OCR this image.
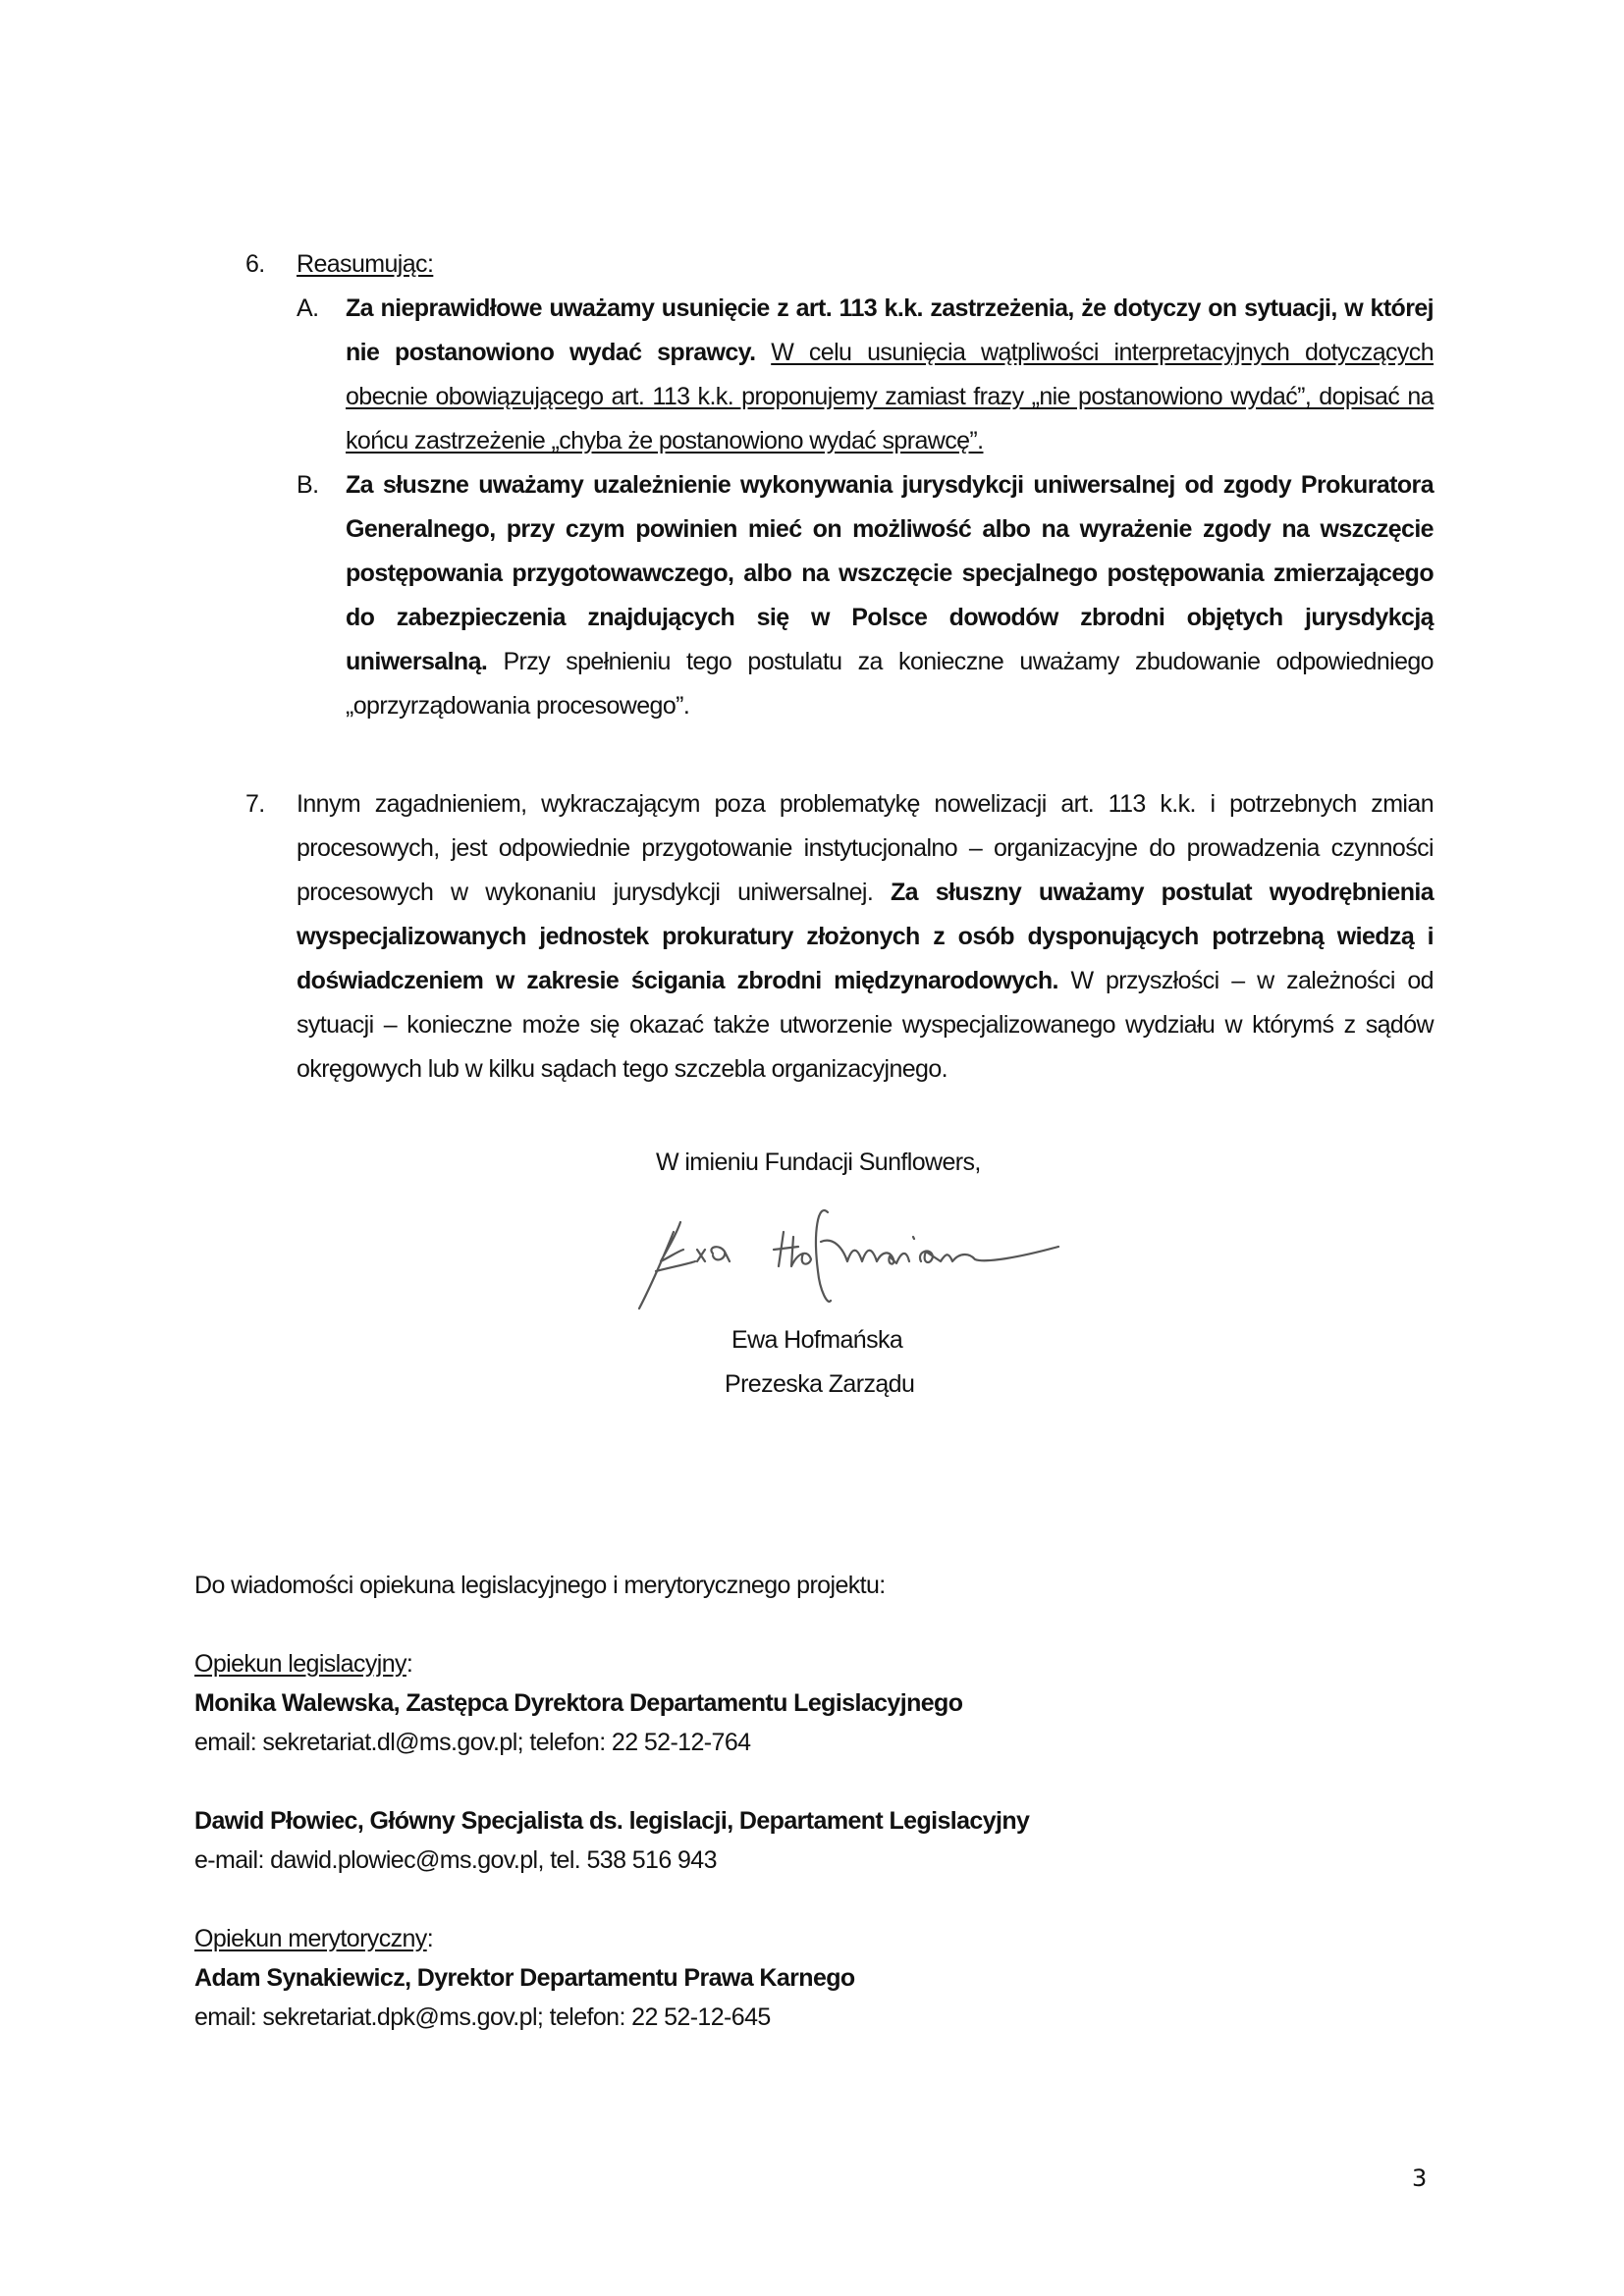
6. Reasumując:
A. Za nieprawidłowe uważamy usunięcie z art. 113 k.k. zastrzeżenia, że dotyczy on sytuacji, w której nie postanowiono wydać sprawcy. W celu usunięcia wątpliwości interpretacyjnych dotyczących obecnie obowiązującego art. 113 k.k. proponujemy zamiast frazy „nie postanowiono wydać”, dopisać na końcu zastrzeżenie „chyba że postanowiono wydać sprawcę”.
B. Za słuszne uważamy uzależnienie wykonywania jurysdykcji uniwersalnej od zgody Prokuratora Generalnego, przy czym powinien mieć on możliwość albo na wyrażenie zgody na wszczęcie postępowania przygotowawczego, albo na wszczęcie specjalnego postępowania zmierzającego do zabezpieczenia znajdujących się w Polsce dowodów zbrodni objętych jurysdykcją uniwersalną. Przy spełnieniu tego postulatu za konieczne uważamy zbudowanie odpowiedniego „oprzyrządowania procesowego”.
7. Innym zagadnieniem, wykraczającym poza problematykę nowelizacji art. 113 k.k. i potrzebnych zmian procesowych, jest odpowiednie przygotowanie instytucjonalno – organizacyjne do prowadzenia czynności procesowych w wykonaniu jurysdykcji uniwersalnej. Za słuszny uważamy postulat wyodrębnienia wyspecjalizowanych jednostek prokuratury złożonych z osób dysponujących potrzebną wiedzą i doświadczeniem w zakresie ścigania zbrodni międzynarodowych. W przyszłości – w zależności od sytuacji – konieczne może się okazać także utworzenie wyspecjalizowanego wydziału w którymś z sądów okręgowych lub w kilku sądach tego szczebla organizacyjnego.
W imieniu Fundacji Sunflowers,
Ewa Hofmańska
Prezeska Zarządu
Do wiadomości opiekuna legislacyjnego i merytorycznego projektu:
Opiekun legislacyjny:
Monika Walewska, Zastępca Dyrektora Departamentu Legislacyjnego
email: sekretariat.dl@ms.gov.pl; telefon: 22 52-12-764
Dawid Płowiec, Główny Specjalista ds. legislacji, Departament Legislacyjny
e-mail: dawid.plowiec@ms.gov.pl, tel. 538 516 943
Opiekun merytoryczny:
Adam Synakiewicz, Dyrektor Departamentu Prawa Karnego
email: sekretariat.dpk@ms.gov.pl; telefon: 22 52-12-645
3
